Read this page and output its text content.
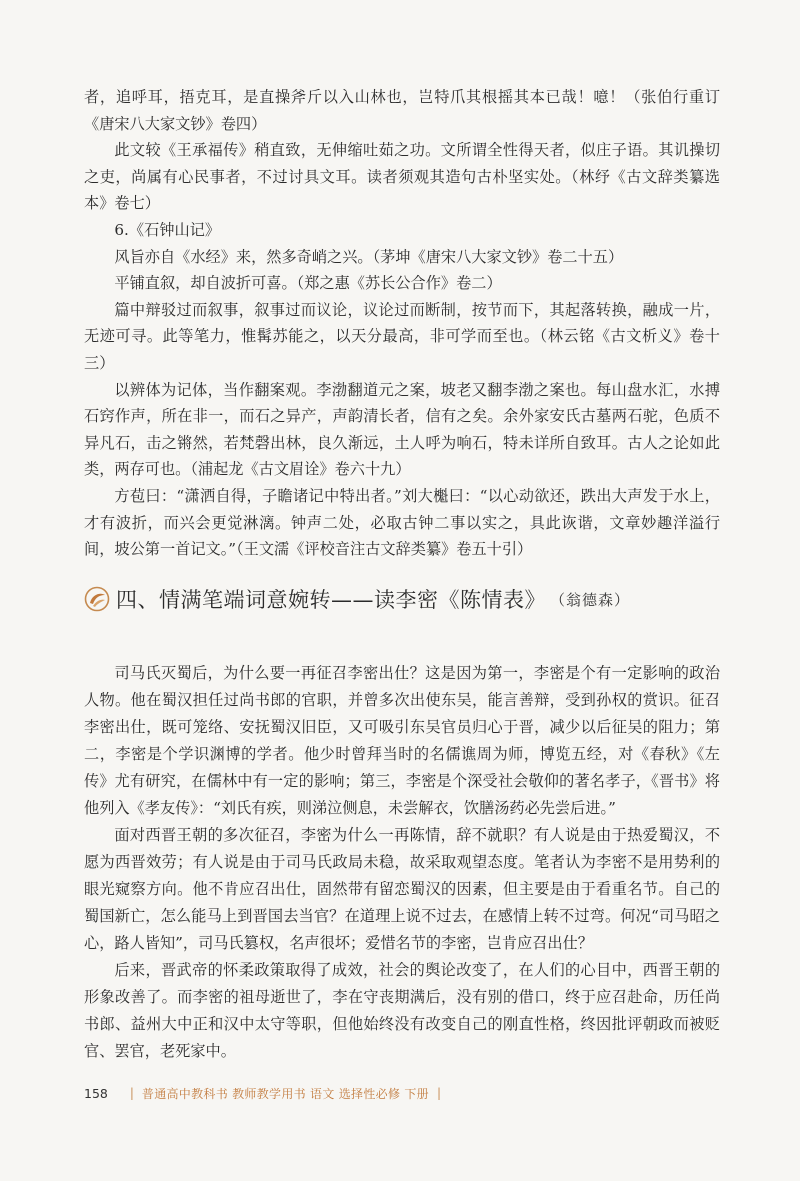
者，追呼耳，捂克耳，是直操斧斤以入山林也，岂特爪其根摇其本已哉！噫！（张伯行重订《唐宋八大家文钞》卷四）

此文较《王承福传》稍直致，无伸缩吐茹之功。文所谓全性得天者，似庄子语。其讥操切之吏，尚属有心民事者，不过讨具文耳。读者须观其造句古朴坚实处。（林纾《古文辞类纂选本》卷七）

6.《石钟山记》

风旨亦自《水经》来，然多奇峭之兴。（茅坤《唐宋八大家文钞》卷二十五）

平铺直叙，却自波折可喜。（郑之惠《苏长公合作》卷二）

篇中辩驳过而叙事，叙事过而议论，议论过而断制，按节而下，其起落转换，融成一片，无迹可寻。此等笔力，惟髯苏能之，以天分最高，非可学而至也。（林云铭《古文析义》卷十三）

以辨体为记体，当作翻案观。李渤翻道元之案，坡老又翻李渤之案也。每山盘水汇，水搏石窍作声，所在非一，而石之异产，声韵清长者，信有之矣。余外家安氏古墓两石驼，色质不异凡石，击之锵然，若梵磬出林，良久渐远，土人呼为响石，特未详所自致耳。古人之论如此类，两存可也。（浦起龙《古文眉诠》卷六十九）

方苞曰：“潇洒自得，子瞻诸记中特出者。”刘大櫆曰：“以心动欲还，跌出大声发于水上，才有波折，而兴会更觉淋漓。钟声二处，必取古钟二事以实之，具此诙谐，文章妙趣洋溢行间，坡公第一首记文。”（王文濡《评校音注古文辞类纂》卷五十引）

四、情满笔端词意婉转——读李密《陈情表》 （翁德森）

司马氏灭蜀后，为什么要一再征召李密出仕？这是因为第一，李密是个有一定影响的政治人物。他在蜀汉担任过尚书郎的官职，并曾多次出使东吴，能言善辩，受到孙权的赏识。征召李密出仕，既可笼络、安抚蜀汉旧臣，又可吸引东吴官员归心于晋，减少以后征吴的阻力；第二，李密是个学识渊博的学者。他少时曾拜当时的名儒谯周为师，博览五经，对《春秋》《左传》尤有研究，在儒林中有一定的影响；第三，李密是个深受社会敬仰的著名孝子，《晋书》将他列入《孝友传》：“刘氏有疾，则涕泣侧息，未尝解衣，饮膳汤药必先尝后进。”

面对西晋王朝的多次征召，李密为什么一再陈情，辞不就职？有人说是由于热爱蜀汉，不愿为西晋效劳；有人说是由于司马氏政局未稳，故采取观望态度。笔者认为李密不是用势利的眼光窥察方向。他不肯应召出仕，固然带有留恋蜀汉的因素，但主要是由于看重名节。自己的蜀国新亡，怎么能马上到晋国去当官？在道理上说不过去，在感情上转不过弯。何况“司马昭之心，路人皆知”，司马氏篡权，名声很坏；爱惜名节的李密，岂肯应召出仕？

后来，晋武帝的怀柔政策取得了成效，社会的舆论改变了，在人们的心目中，西晋王朝的形象改善了。而李密的祖母逝世了，李在守丧期满后，没有别的借口，终于应召赴命，历任尚书郎、益州大中正和汉中太守等职，但他始终没有改变自己的刚直性格，终因批评朝政而被贬官、罢官，老死家中。

158 | 普通高中教科书 教师教学用书 语文 选择性必修 下册 |
